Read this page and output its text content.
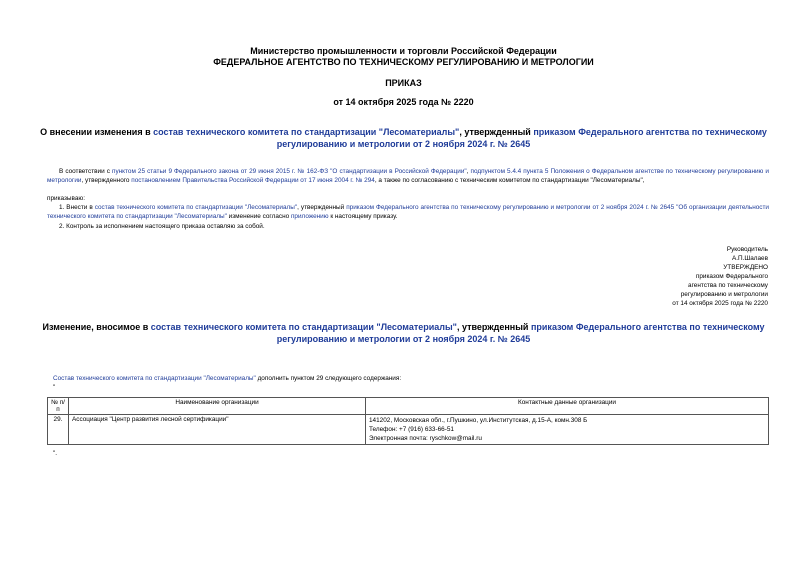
Министерство промышленности и торговли Российской Федерации
ФЕДЕРАЛЬНОЕ АГЕНТСТВО ПО ТЕХНИЧЕСКОМУ РЕГУЛИРОВАНИЮ И МЕТРОЛОГИИ
ПРИКАЗ
от 14 октября 2025 года № 2220
О внесении изменения в состав технического комитета по стандартизации "Лесоматериалы", утвержденный приказом Федерального агентства по техническому регулированию и метрологии от 2 ноября 2024 г. № 2645
В соответствии с пунктом 25 статьи 9 Федерального закона от 29 июня 2015 г. № 162-ФЗ "О стандартизации в Российской Федерации", подпунктом 5.4.4 пункта 5 Положения о Федеральном агентстве по техническому регулированию и метрологии, утвержденного постановлением Правительства Российской Федерации от 17 июня 2004 г. № 294, а также по согласованию с техническим комитетом по стандартизации "Лесоматериалы",
приказываю:
1. Внести в состав технического комитета по стандартизации "Лесоматериалы", утвержденный приказом Федерального агентства по техническому регулированию и метрологии от 2 ноября 2024 г. № 2645 "Об организации деятельности технического комитета по стандартизации "Лесоматериалы" изменение согласно приложению к настоящему приказу.
2. Контроль за исполнением настоящего приказа оставляю за собой.
Руководитель
А.П.Шалаев
УТВЕРЖДЕНО
приказом Федерального
агентства по техническому
регулированию и метрологии
от 14 октября 2025 года № 2220
Изменение, вносимое в состав технического комитета по стандартизации "Лесоматериалы", утвержденный приказом Федерального агентства по техническому регулированию и метрологии от 2 ноября 2024 г. № 2645
Состав технического комитета по стандартизации "Лесоматериалы" дополнить пунктом 29 следующего содержания:
"
№ п/п	Наименование организации	Контактные данные организации
29.	Ассоциация "Центр развития лесной сертификации"	141202, Московская обл., г.Пушкино, ул.Институтская, д.15-А, комн.308 Б
Телефон: +7 (916) 633-66-51
Электронная почта: ryschkow@mail.ru
".
